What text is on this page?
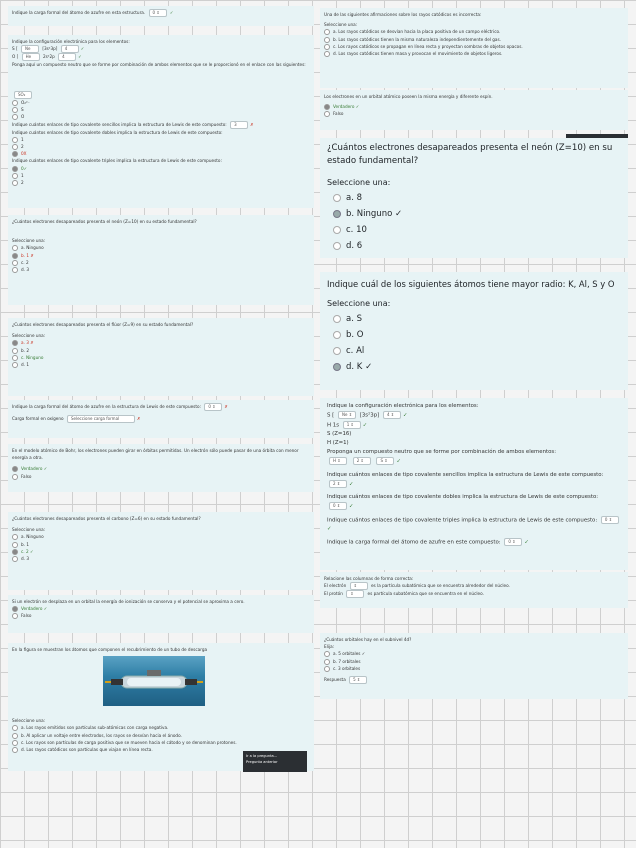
Indique la carga formal del átomo de azufre en esta estructura. 0 ⇕ ✓

Indique la configuración electrónica para los elementos:

S [ Ne	[3s²3p] 4	✓

O [ He	2s²2p 4	✓

Ponga aquí un compuesto neutro que se forme por combinación de ambos elementos que se le proporcionó en el enlace con las siguientes:

SO₂

O₂²⁻

S

O

Indique cuántos enlaces de tipo covalente sencillos implica la estructura de Lewis de este compuesto: 3	✗

Indique cuántos enlaces de tipo covalente dobles implica la estructura de Lewis de este compuesto:

1

2

0X

Indique cuántos enlaces de tipo covalente triples implica la estructura de Lewis de este compuesto:

0✓

1

2

¿Cuántos electrones desapareados presenta el neón (Z=10) en su estado fundamental?

Seleccione una:

a. Ninguno

b. 1 ✗

c. 2

d. 3

¿Cuántos electrones desapareados presenta el flúor (Z=9) en su estado fundamental?

Seleccione una:

a. 3 ✗

b. 2

c. Ninguno

d. 1

Indique la carga formal del átomo de azufre en la estructura de Lewis de este compuesto: 0 ⇕ ✗

Carga formal en oxígeno Seleccione carga formal	✗

En el modelo atómico de Bohr, los electrones pueden girar en órbitas permitidas. Un electrón sólo puede pasar de una órbita con menor energía a otra.

Verdadero ✓

Falso

¿Cuántos electrones desapareados presenta el carbono (Z=6) en su estado fundamental?

Seleccione una:

a. Ninguno

b. 1

c. 2 ✓

d. 3

Si un electrón se desplaza en un orbital la energía de ionización se conserva y el potencial se aproxima a cero.

Verdadero ✓

Falso

En la figura se muestran los átomos que componen el recubrimiento de un tubo de descarga

Seleccione una:

a. Los rayos emitidos son partículas sub-atómicas con carga negativa.

b. Al aplicar un voltaje entre electrodos, los rayos se desvían hacia el ánodo.

c. Los rayos son partículas de carga positiva que se mueven hacia el cátodo y se denominan protones.

d. Los rayos catódicos son partículas que viajan en línea recta.

Ir a la pregunta...
Pregunta anterior

Una de las siguientes afirmaciones sobre los rayos catódicos es incorrecta:

Seleccione una:

a. Los rayos catódicos se desvían hacia la placa positiva de un campo eléctrico.

b. Los rayos catódicos tienen la misma naturaleza independientemente del gas.

c. Los rayos catódicos se propagan en línea recta y proyectan sombras de objetos opacos.

d. Los rayos catódicos tienen masa y provocan el movimiento de objetos ligeros.

Los electrones en un orbital atómico poseen la misma energía y diferente espín.

Verdadero ✓

Falso

¿Cuántos electrones desapareados presenta el neón (Z=10) en su estado fundamental?
Seleccione una:
a. 8
b. Ninguno ✓
c. 10
d. 6
Indique cuál de los siguientes átomos tiene mayor radio: K, Al, S y O
Seleccione una:
a. S
b. O
c. Al
d. K ✓

Indique la configuración electrónica para los elementos:

S [ Ne ⇕ [3s²3p] 4 ⇕ ✓

H 1s 1 ⇕ ✓

S (Z=16)

H (Z=1)

Proponga un compuesto neutro que se forme por combinación de ambos elementos:

H ⇕	2 ⇕	S ⇕ ✓

Indique cuántos enlaces de tipo covalente sencillos implica la estructura de Lewis de este compuesto: 2 ⇕ ✓

Indique cuántos enlaces de tipo covalente dobles implica la estructura de Lewis de este compuesto: 0 ⇕ ✓

Indique cuántos enlaces de tipo covalente triples implica la estructura de Lewis de este compuesto: 0 ⇕✓

Indique la carga formal del átomo de azufre en este compuesto: 0 ⇕ ✓

Relacione las columnas de forma correcta:

El electrón ⇕	es la partícula subatómica que se encuentra alrededor del núcleo.

El protón ⇕	es partícula subatómica que se encuentra en el núcleo.

¿Cuántos orbitales hay en el subnivel 4d?

Elija:

a. 5 orbitales ✓

b. 7 orbitales

c. 3 orbitales

Respuesta 5 ⇕
